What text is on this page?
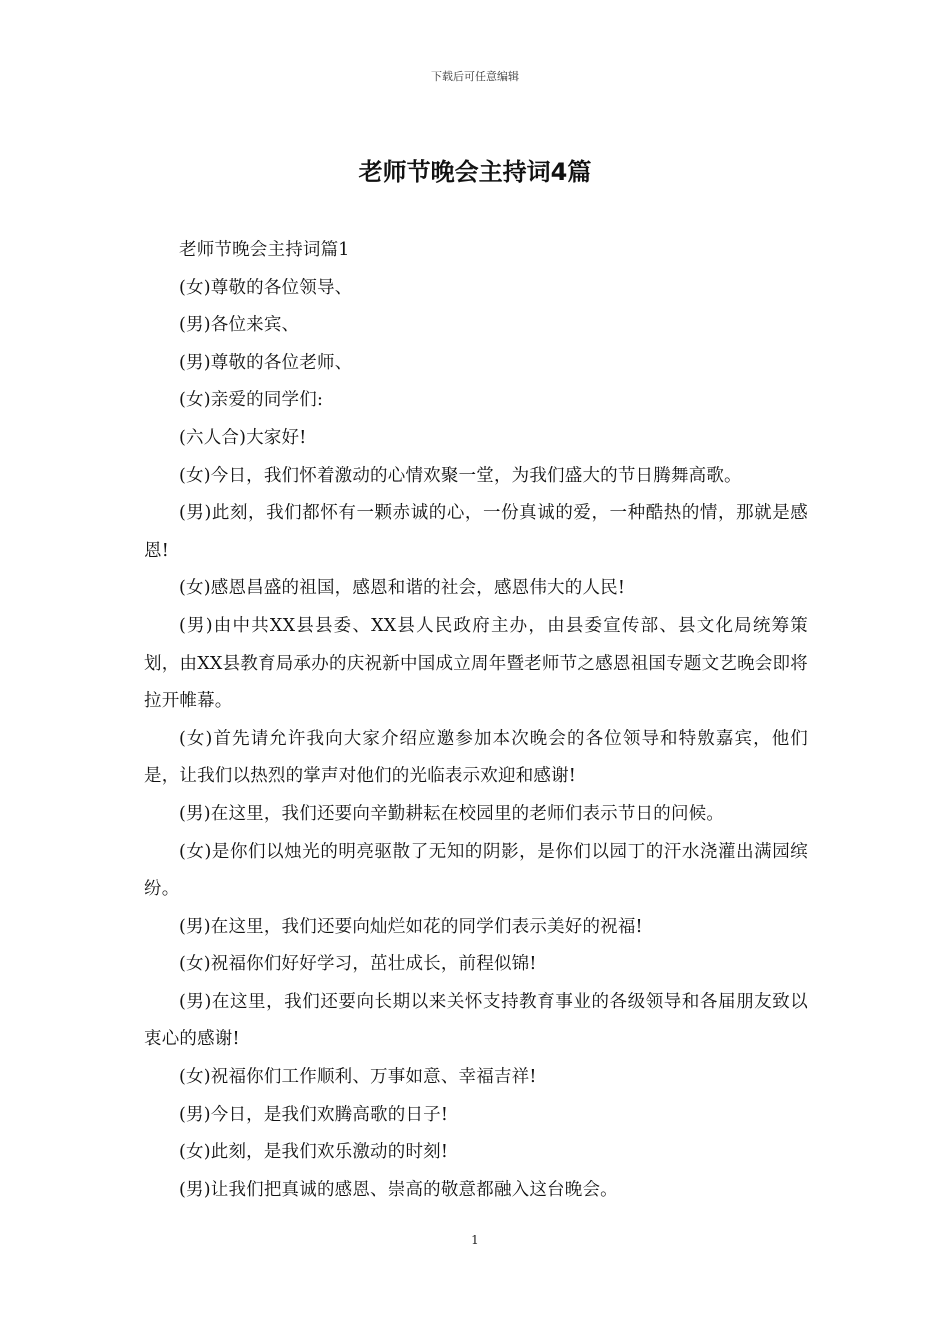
下载后可任意编辑
老师节晚会主持词4篇

老师节晚会主持词篇1

(女)尊敬的各位领导、

(男)各位来宾、

(男)尊敬的各位老师、

(女)亲爱的同学们:

(六人合)大家好!

(女)今日，我们怀着激动的心情欢聚一堂，为我们盛大的节日腾舞高歌。

(男)此刻，我们都怀有一颗赤诚的心，一份真诚的爱，一种酷热的情，那就是感恩!

(女)感恩昌盛的祖国，感恩和谐的社会，感恩伟大的人民!

(男)由中共XX县县委、XX县人民政府主办，由县委宣传部、县文化局统筹策划，由XX县教育局承办的庆祝新中国成立周年暨老师节之感恩祖国专题文艺晚会即将拉开帷幕。

(女)首先请允许我向大家介绍应邀参加本次晚会的各位领导和特敫嘉宾，他们是，让我们以热烈的掌声对他们的光临表示欢迎和感谢!

(男)在这里，我们还要向辛勤耕耘在校园里的老师们表示节日的问候。

(女)是你们以烛光的明亮驱散了无知的阴影，是你们以园丁的汗水浇灌出满园缤纷。

(男)在这里，我们还要向灿烂如花的同学们表示美好的祝福!

(女)祝福你们好好学习，茁壮成长，前程似锦!

(男)在这里，我们还要向长期以来关怀支持教育事业的各级领导和各届朋友致以衷心的感谢!

(女)祝福你们工作顺利、万事如意、幸福吉祥!

(男)今日，是我们欢腾高歌的日子!

(女)此刻，是我们欢乐激动的时刻!

(男)让我们把真诚的感恩、崇高的敬意都融入这台晚会。

1
